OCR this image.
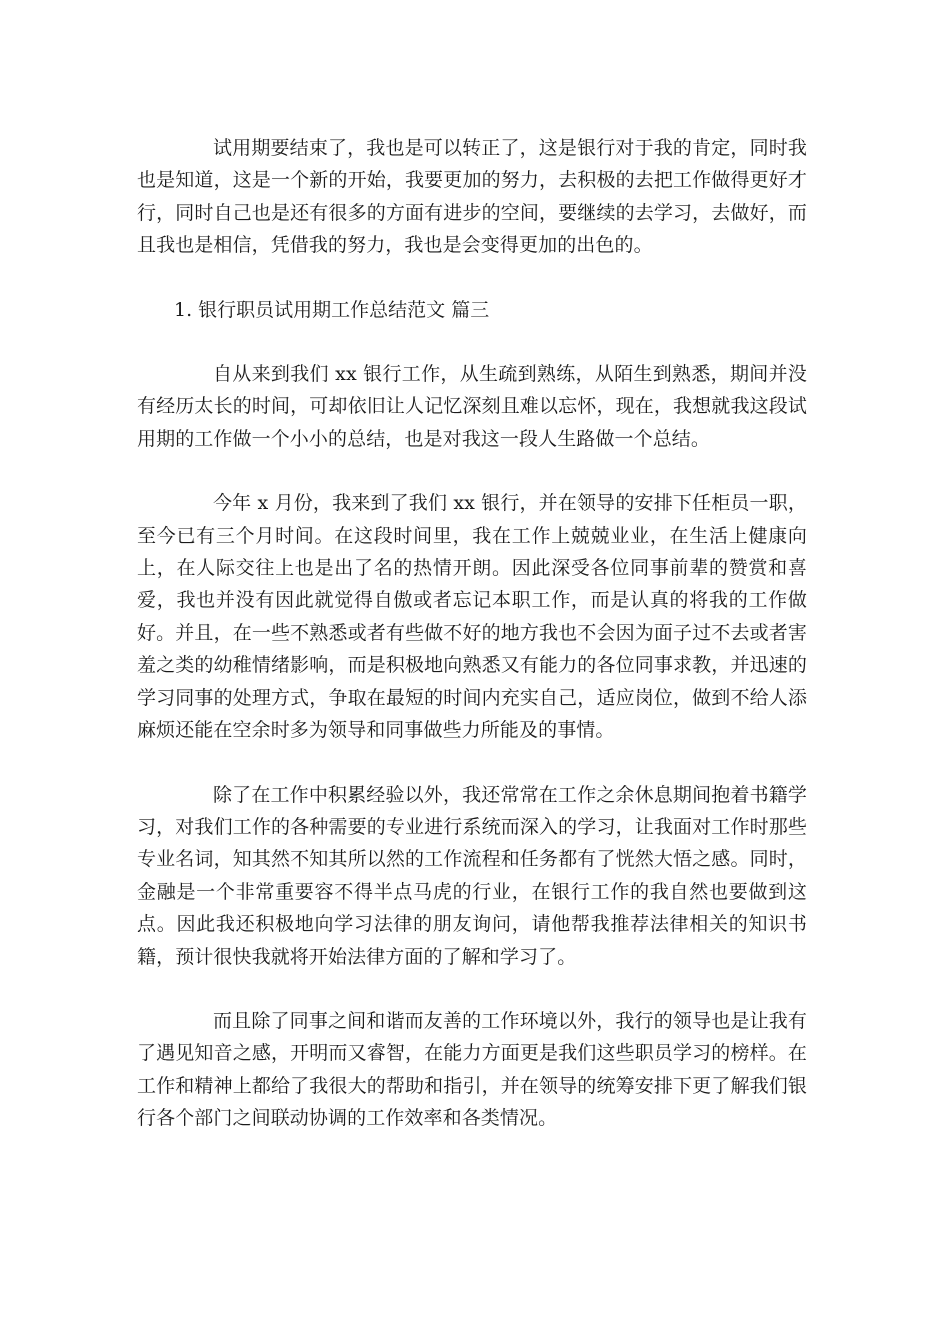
试用期要结束了，我也是可以转正了，这是银行对于我的肯定，同时我也是知道，这是一个新的开始，我要更加的努力，去积极的去把工作做得更好才行，同时自己也是还有很多的方面有进步的空间，要继续的去学习，去做好，而且我也是相信，凭借我的努力，我也是会变得更加的出色的。

1. 银行职员试用期工作总结范文 篇三

自从来到我们 xx 银行工作，从生疏到熟练，从陌生到熟悉，期间并没有经历太长的时间，可却依旧让人记忆深刻且难以忘怀，现在，我想就我这段试用期的工作做一个小小的总结，也是对我这一段人生路做一个总结。

今年 x 月份，我来到了我们 xx 银行，并在领导的安排下任柜员一职，至今已有三个月时间。在这段时间里，我在工作上兢兢业业，在生活上健康向上，在人际交往上也是出了名的热情开朗。因此深受各位同事前辈的赞赏和喜爱，我也并没有因此就觉得自傲或者忘记本职工作，而是认真的将我的工作做好。并且，在一些不熟悉或者有些做不好的地方我也不会因为面子过不去或者害羞之类的幼稚情绪影响，而是积极地向熟悉又有能力的各位同事求教，并迅速的学习同事的处理方式，争取在最短的时间内充实自己，适应岗位，做到不给人添麻烦还能在空余时多为领导和同事做些力所能及的事情。

除了在工作中积累经验以外，我还常常在工作之余休息期间抱着书籍学习，对我们工作的各种需要的专业进行系统而深入的学习，让我面对工作时那些专业名词，知其然不知其所以然的工作流程和任务都有了恍然大悟之感。同时，金融是一个非常重要容不得半点马虎的行业，在银行工作的我自然也要做到这点。因此我还积极地向学习法律的朋友询问，请他帮我推荐法律相关的知识书籍，预计很快我就将开始法律方面的了解和学习了。

而且除了同事之间和谐而友善的工作环境以外，我行的领导也是让我有了遇见知音之感，开明而又睿智，在能力方面更是我们这些职员学习的榜样。在工作和精神上都给了我很大的帮助和指引，并在领导的统筹安排下更了解我们银行各个部门之间联动协调的工作效率和各类情况。
